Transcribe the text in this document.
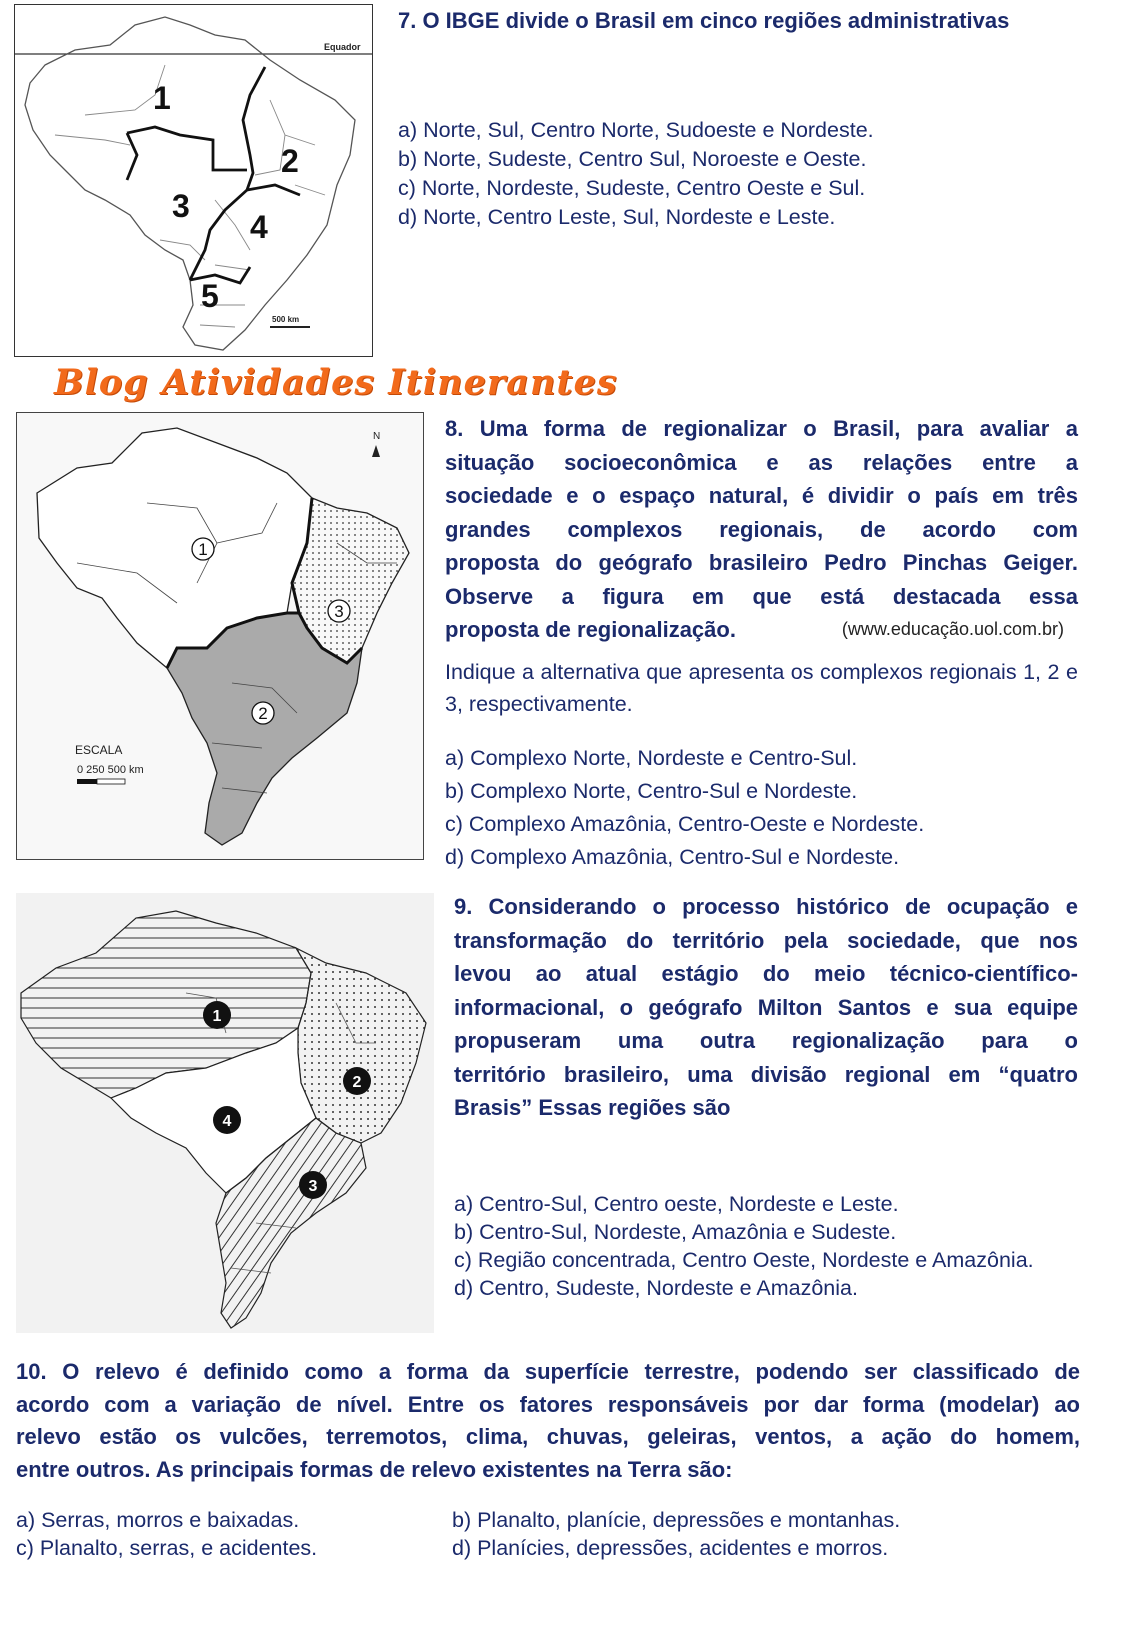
Equador
1
2
3
4
5
500 km
7. O IBGE divide o Brasil em cinco regiões administrativas
a) Norte, Sul, Centro Norte, Sudoeste e Nordeste.
b) Norte, Sudeste, Centro Sul, Noroeste e Oeste.
c) Norte, Nordeste, Sudeste, Centro Oeste e Sul.
d) Norte, Centro Leste, Sul, Nordeste e Leste.
Blog Atividades Itinerantes
1
2
3
N
ESCALA
0 250 500 km
8. Uma forma de regionalizar o Brasil, para avaliar a
situação socioeconômica e as relações entre a
sociedade e o espaço natural, é dividir o país em três
grandes complexos regionais, de acordo com
proposta do geógrafo brasileiro Pedro Pinchas Geiger.
Observe a figura em que está destacada essa
proposta de regionalização.	(www.educação.uol.com.br)
Indique a alternativa que apresenta os complexos regionais 1, 2 e 3, respectivamente.
a) Complexo Norte, Nordeste e Centro-Sul.
b) Complexo Norte, Centro-Sul e Nordeste.
c) Complexo Amazônia, Centro-Oeste e Nordeste.
d) Complexo Amazônia, Centro-Sul e Nordeste.
1
2
3
4
9. Considerando o processo histórico de ocupação e
transformação do território pela sociedade, que nos
levou ao atual estágio do meio técnico-científico-
informacional, o geógrafo Milton Santos e sua equipe
propuseram uma outra regionalização para o
território brasileiro, uma divisão regional em “quatro
Brasis” Essas regiões são
a) Centro-Sul, Centro oeste, Nordeste e Leste.
b) Centro-Sul, Nordeste, Amazônia e Sudeste.
c) Região concentrada, Centro Oeste, Nordeste e Amazônia.
d) Centro, Sudeste, Nordeste e Amazônia.
10. O relevo é definido como a forma da superfície terrestre, podendo ser classificado de
acordo com a variação de nível. Entre os fatores responsáveis por dar forma (modelar) ao
relevo estão os vulcões, terremotos, clima, chuvas, geleiras, ventos, a ação do homem,
entre outros. As principais formas de relevo existentes na Terra são:
a) Serras, morros e baixadas.	b) Planalto, planície, depressões e montanhas.
c) Planalto, serras, e acidentes.	d) Planícies, depressões, acidentes e morros.
